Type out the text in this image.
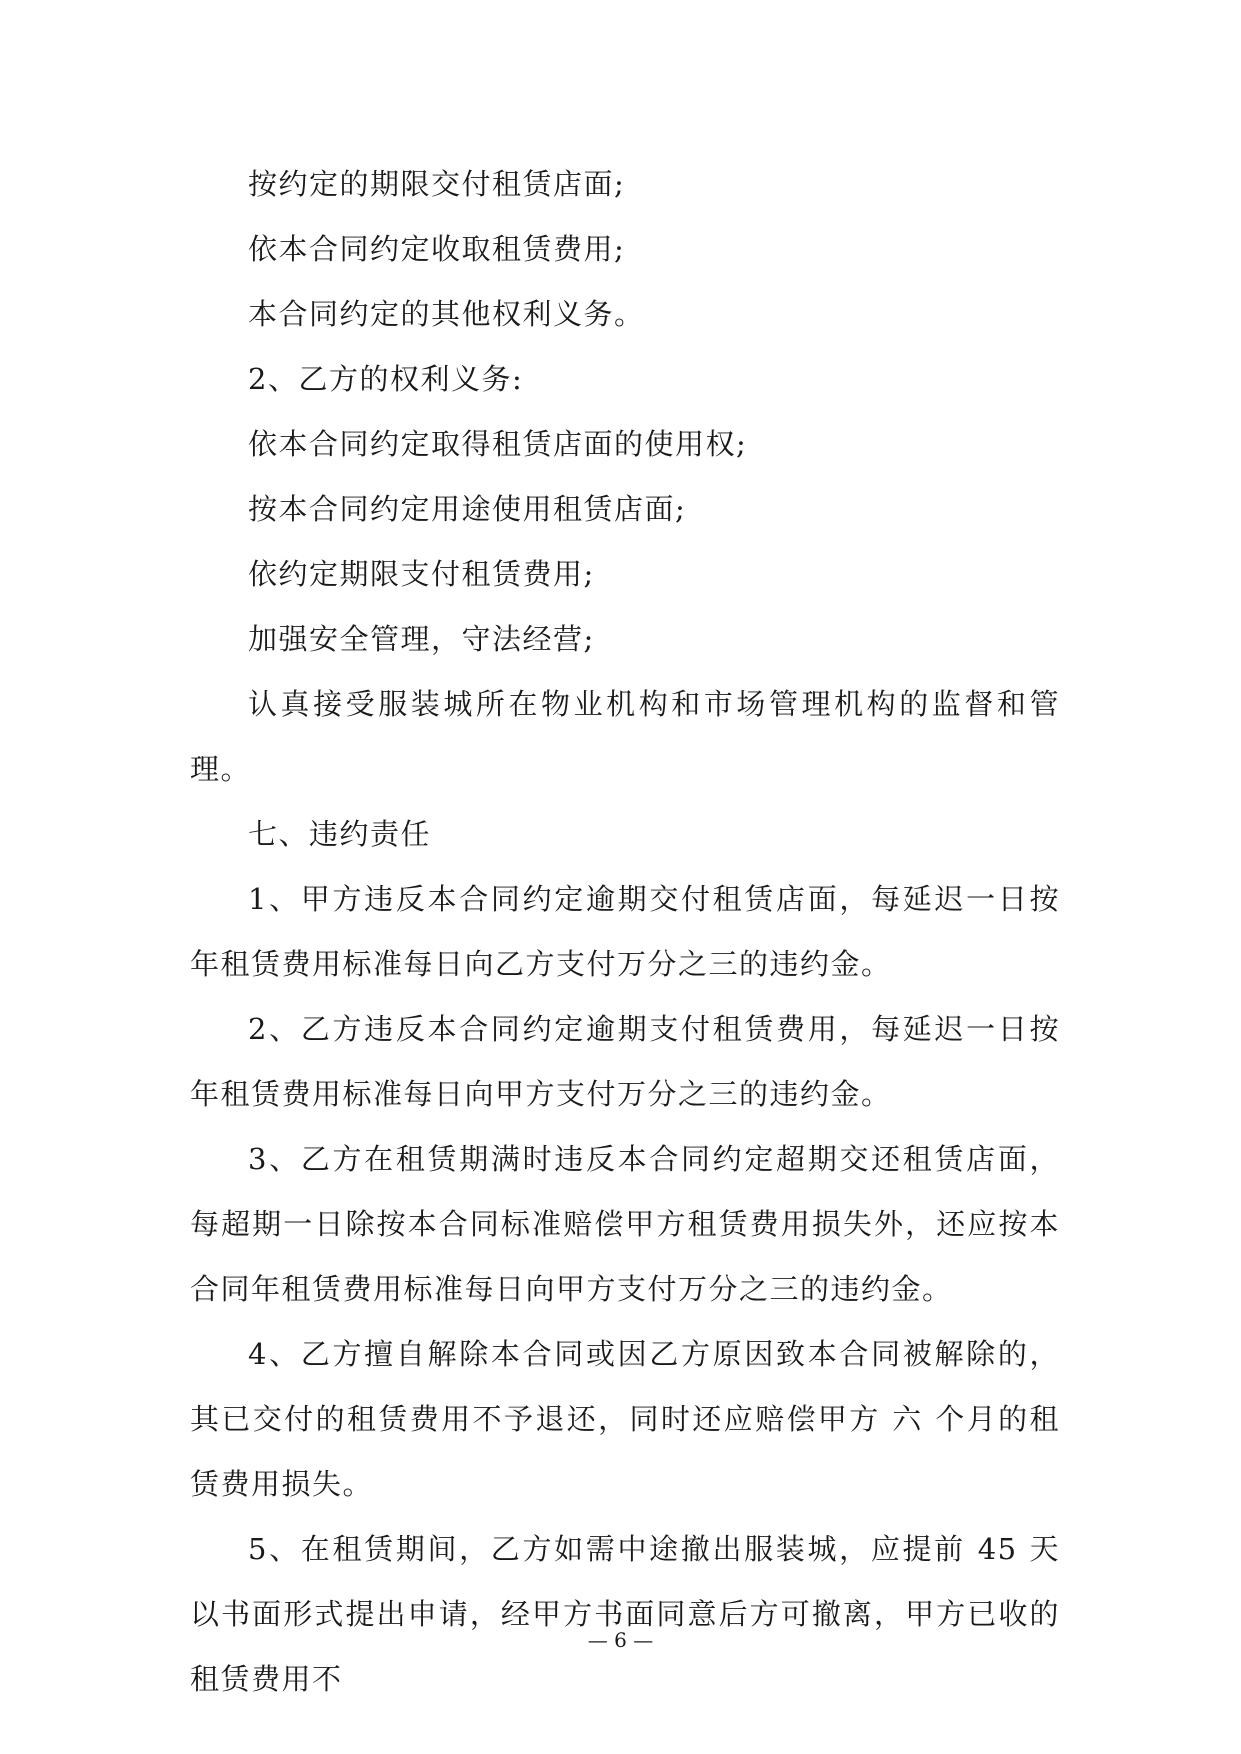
按约定的期限交付租赁店面;

依本合同约定收取租赁费用;

本合同约定的其他权利义务。

2、乙方的权利义务:

依本合同约定取得租赁店面的使用权;

按本合同约定用途使用租赁店面;

依约定期限支付租赁费用;

加强安全管理，守法经营;

认真接受服装城所在物业机构和市场管理机构的监督和管理。

七、违约责任

1、甲方违反本合同约定逾期交付租赁店面，每延迟一日按年租赁费用标准每日向乙方支付万分之三的违约金。

2、乙方违反本合同约定逾期支付租赁费用，每延迟一日按年租赁费用标准每日向甲方支付万分之三的违约金。

3、乙方在租赁期满时违反本合同约定超期交还租赁店面，每超期一日除按本合同标准赔偿甲方租赁费用损失外，还应按本合同年租赁费用标准每日向甲方支付万分之三的违约金。

4、乙方擅自解除本合同或因乙方原因致本合同被解除的，其已交付的租赁费用不予退还，同时还应赔偿甲方 六 个月的租赁费用损失。

5、在租赁期间，乙方如需中途撤出服装城，应提前 45 天以书面形式提出申请，经甲方书面同意后方可撤离，甲方已收的租赁费用不

— 6 —
